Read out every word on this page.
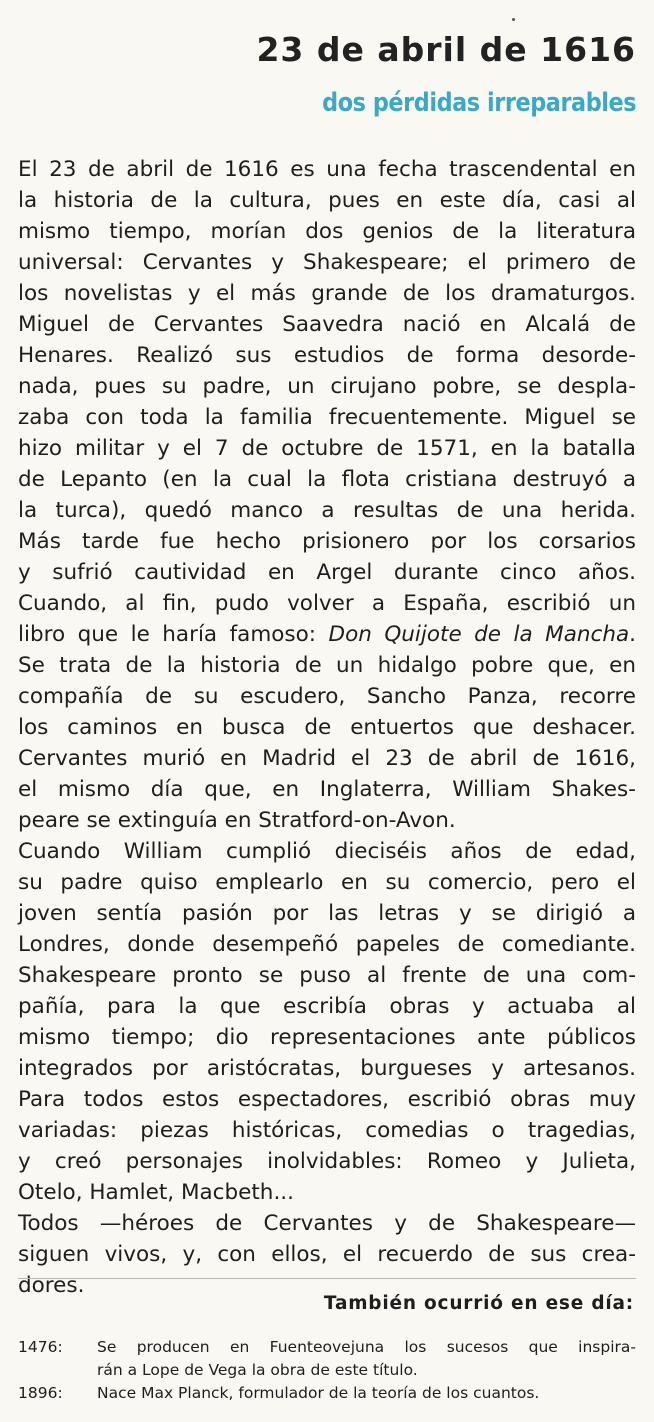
23 de abril de 1616
dos pérdidas irreparables
El 23 de abril de 1616 es una fecha trascendental en
la historia de la cultura, pues en este día, casi al
mismo tiempo, morían dos genios de la literatura
universal: Cervantes y Shakespeare; el primero de
los novelistas y el más grande de los dramaturgos.
Miguel de Cervantes Saavedra nació en Alcalá de
Henares. Realizó sus estudios de forma desorde-
nada, pues su padre, un cirujano pobre, se despla-
zaba con toda la familia frecuentemente. Miguel se
hizo militar y el 7 de octubre de 1571, en la batalla
de Lepanto (en la cual la flota cristiana destruyó a
la turca), quedó manco a resultas de una herida.
Más tarde fue hecho prisionero por los corsarios
y sufrió cautividad en Argel durante cinco años.
Cuando, al fin, pudo volver a España, escribió un
libro que le haría famoso: Don Quijote de la Mancha.
Se trata de la historia de un hidalgo pobre que, en
compañía de su escudero, Sancho Panza, recorre
los caminos en busca de entuertos que deshacer.
Cervantes murió en Madrid el 23 de abril de 1616,
el mismo día que, en Inglaterra, William Shakes-
peare se extinguía en Stratford-on-Avon.
Cuando William cumplió dieciséis años de edad,
su padre quiso emplearlo en su comercio, pero el
joven sentía pasión por las letras y se dirigió a
Londres, donde desempeñó papeles de comediante.
Shakespeare pronto se puso al frente de una com-
pañía, para la que escribía obras y actuaba al
mismo tiempo; dio representaciones ante públicos
integrados por aristócratas, burgueses y artesanos.
Para todos estos espectadores, escribió obras muy
variadas: piezas históricas, comedias o tragedias,
y creó personajes inolvidables: Romeo y Julieta,
Otelo, Hamlet, Macbeth...
Todos —héroes de Cervantes y de Shakespeare—
siguen vivos, y, con ellos, el recuerdo de sus crea-
dores.
También ocurrió en ese día:
1476:	Se producen en Fuenteovejuna los sucesos que inspira-
rán a Lope de Vega la obra de este título.
1896:	Nace Max Planck, formulador de la teoría de los cuantos.
